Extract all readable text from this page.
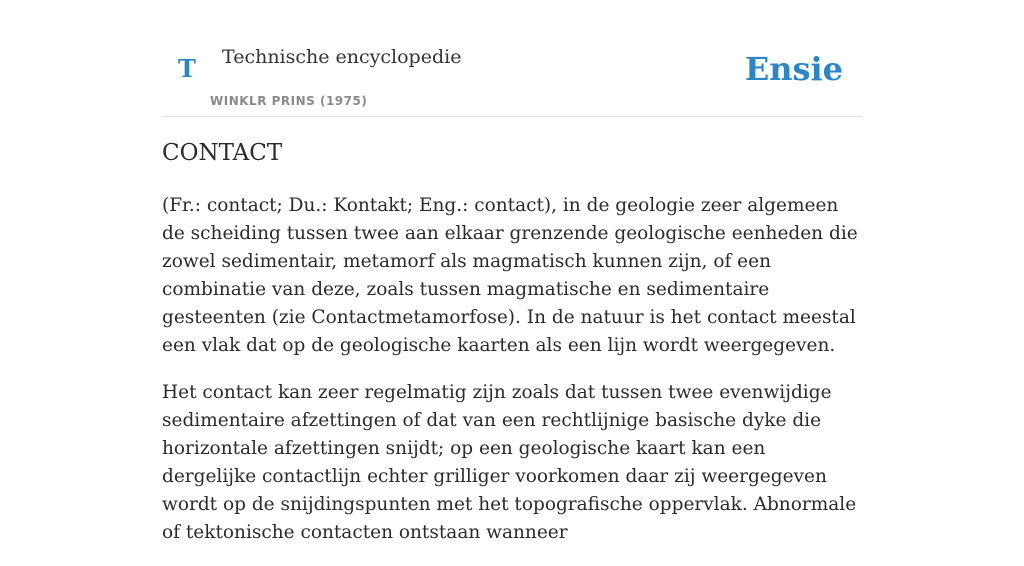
T Technische encyclopedie
WINKLR PRINS (1975)
Ensie
CONTACT

(Fr.: contact; Du.: Kontakt; Eng.: contact), in de geologie zeer algemeen de scheiding tussen twee aan elkaar grenzende geologische eenheden die zowel sedimentair, metamorf als magmatisch kunnen zijn, of een combinatie van deze, zoals tussen magmatische en sedimentaire gesteenten (zie Contactmetamorfose). In de natuur is het contact meestal een vlak dat op de geologische kaarten als een lijn wordt weergegeven.

Het contact kan zeer regelmatig zijn zoals dat tussen twee evenwijdige sedimentaire afzettingen of dat van een rechtlijnige basische dyke die horizontale afzettingen snijdt; op een geologische kaart kan een dergelijke contactlijn echter grilliger voorkomen daar zij weergegeven wordt op de snijdingspunten met het topografische oppervlak. Abnormale of tektonische contacten ontstaan wanneer
